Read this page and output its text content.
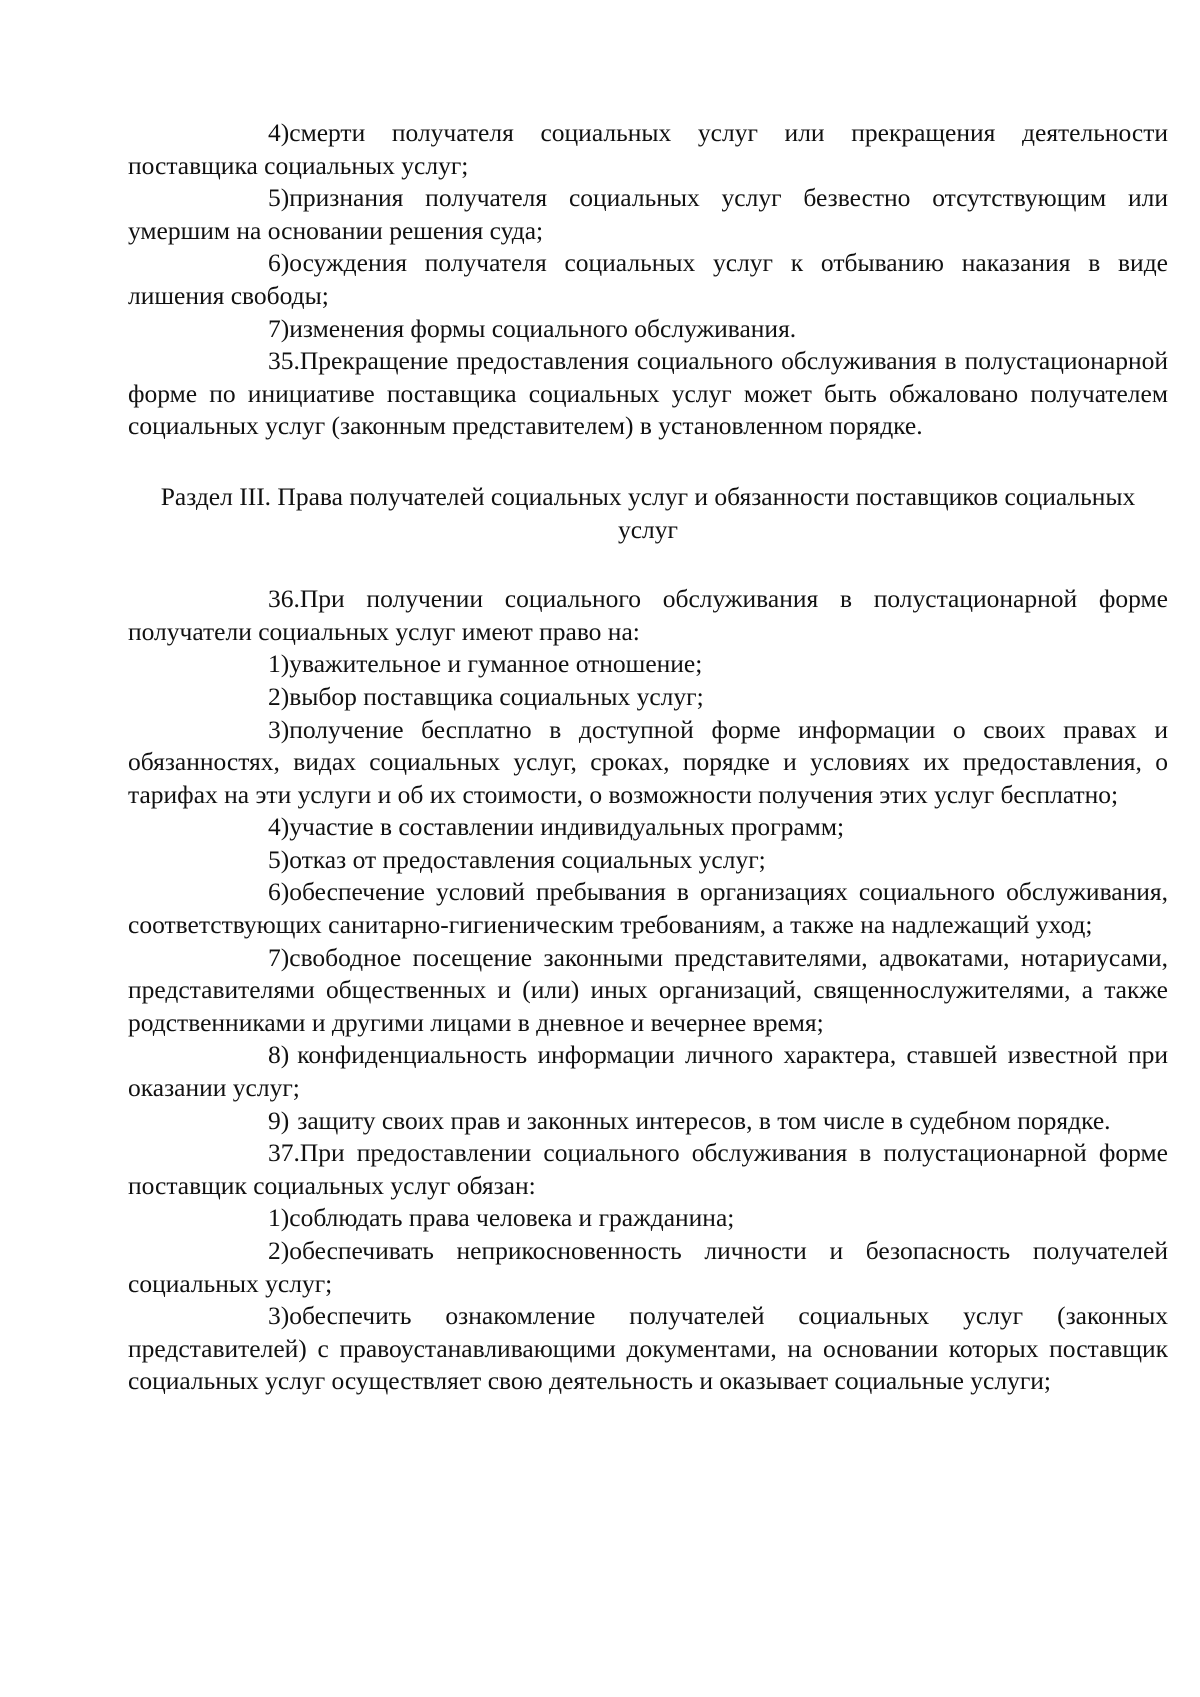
4)смерти получателя социальных услуг или прекращения деятельности поставщика социальных услуг;

5)признания получателя социальных услуг безвестно отсутствующим или умершим на основании решения суда;

6)осуждения получателя социальных услуг к отбыванию наказания в виде лишения свободы;

7)изменения формы социального обслуживания.

35.Прекращение предоставления социального обслуживания в полустационарной форме по инициативе поставщика социальных услуг может быть обжаловано получателем социальных услуг (законным представителем) в установленном порядке.

Раздел III. Права получателей социальных услуг и обязанности поставщиков социальных услуг

36.При получении социального обслуживания в полустационарной форме получатели социальных услуг имеют право на:

1)уважительное и гуманное отношение;

2)выбор поставщика социальных услуг;

3)получение бесплатно в доступной форме информации о своих правах и обязанностях, видах социальных услуг, сроках, порядке и условиях их предоставления, о тарифах на эти услуги и об их стоимости, о возможности получения этих услуг бесплатно;

4)участие в составлении индивидуальных программ;

5)отказ от предоставления социальных услуг;

6)обеспечение условий пребывания в организациях социального обслуживания, соответствующих санитарно-гигиеническим требованиям, а также на надлежащий уход;

7)свободное посещение законными представителями, адвокатами, нотариусами, представителями общественных и (или) иных организаций, священнослужителями, а также родственниками и другими лицами в дневное и вечернее время;

8) конфиденциальность информации личного характера, ставшей известной при оказании услуг;

9) защиту своих прав и законных интересов, в том числе в судебном порядке.

37.При предоставлении социального обслуживания в полустационарной форме поставщик социальных услуг обязан:

1)соблюдать права человека и гражданина;

2)обеспечивать неприкосновенность личности и безопасность получателей социальных услуг;

3)обеспечить ознакомление получателей социальных услуг (законных представителей) с правоустанавливающими документами, на основании которых поставщик социальных услуг осуществляет свою деятельность и оказывает социальные услуги;
